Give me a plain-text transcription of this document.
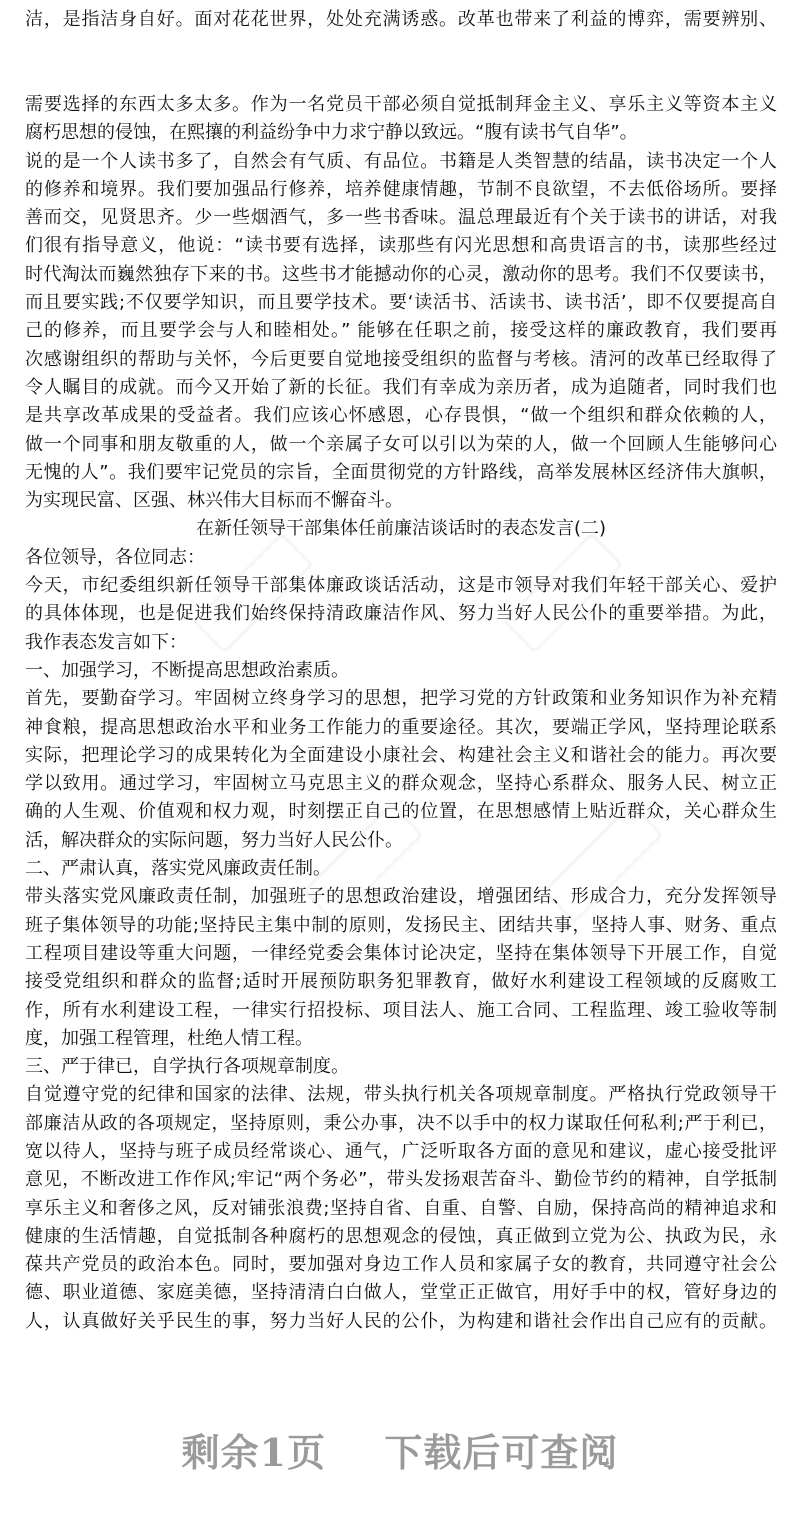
洁，是指洁身自好。面对花花世界，处处充满诱惑。改革也带来了利益的博弈，需要辨别、
需要选择的东西太多太多。作为一名党员干部必须自觉抵制拜金主义、享乐主义等资本主义
腐朽思想的侵蚀，在熙攘的利益纷争中力求宁静以致远。“腹有读书气自华”。
说的是一个人读书多了，自然会有气质、有品位。书籍是人类智慧的结晶，读书决定一个人
的修养和境界。我们要加强品行修养，培养健康情趣，节制不良欲望，不去低俗场所。要择
善而交，见贤思齐。少一些烟酒气，多一些书香味。温总理最近有个关于读书的讲话，对我
们很有指导意义，他说：“读书要有选择，读那些有闪光思想和高贵语言的书，读那些经过
时代淘汰而巍然独存下来的书。这些书才能撼动你的心灵，激动你的思考。我们不仅要读书，
而且要实践;不仅要学知识，而且要学技术。要‘读活书、活读书、读书活’，即不仅要提高自
己的修养，而且要学会与人和睦相处。” 能够在任职之前，接受这样的廉政教育，我们要再
次感谢组织的帮助与关怀，今后更要自觉地接受组织的监督与考核。清河的改革已经取得了
令人瞩目的成就。而今又开始了新的长征。我们有幸成为亲历者，成为追随者，同时我们也
是共享改革成果的受益者。我们应该心怀感恩，心存畏惧，“做一个组织和群众依赖的人，
做一个同事和朋友敬重的人，做一个亲属子女可以引以为荣的人，做一个回顾人生能够问心
无愧的人”。我们要牢记党员的宗旨，全面贯彻党的方针路线，高举发展林区经济伟大旗帜，
为实现民富、区强、林兴伟大目标而不懈奋斗。
在新任领导干部集体任前廉洁谈话时的表态发言(二)
各位领导，各位同志：
今天，市纪委组织新任领导干部集体廉政谈话活动，这是市领导对我们年轻干部关心、爱护
的具体体现，也是促进我们始终保持清政廉洁作风、努力当好人民公仆的重要举措。为此，
我作表态发言如下：
一、加强学习，不断提高思想政治素质。
首先，要勤奋学习。牢固树立终身学习的思想，把学习党的方针政策和业务知识作为补充精
神食粮，提高思想政治水平和业务工作能力的重要途径。其次，要端正学风，坚持理论联系
实际，把理论学习的成果转化为全面建设小康社会、构建社会主义和谐社会的能力。再次要
学以致用。通过学习，牢固树立马克思主义的群众观念，坚持心系群众、服务人民、树立正
确的人生观、价值观和权力观，时刻摆正自己的位置，在思想感情上贴近群众，关心群众生
活，解决群众的实际问题，努力当好人民公仆。
二、严肃认真，落实党风廉政责任制。
带头落实党风廉政责任制，加强班子的思想政治建设，增强团结、形成合力，充分发挥领导
班子集体领导的功能;坚持民主集中制的原则，发扬民主、团结共事，坚持人事、财务、重点
工程项目建设等重大问题，一律经党委会集体讨论决定，坚持在集体领导下开展工作，自觉
接受党组织和群众的监督;适时开展预防职务犯罪教育，做好水利建设工程领域的反腐败工
作，所有水利建设工程，一律实行招投标、项目法人、施工合同、工程监理、竣工验收等制
度，加强工程管理，杜绝人情工程。
三、严于律已，自学执行各项规章制度。
自觉遵守党的纪律和国家的法律、法规，带头执行机关各项规章制度。严格执行党政领导干
部廉洁从政的各项规定，坚持原则，秉公办事，决不以手中的权力谋取任何私利;严于利已，
宽以待人，坚持与班子成员经常谈心、通气，广泛听取各方面的意见和建议，虚心接受批评
意见，不断改进工作作风;牢记“两个务必”，带头发扬艰苦奋斗、勤俭节约的精神，自学抵制
享乐主义和奢侈之风，反对铺张浪费;坚持自省、自重、自警、自励，保持高尚的精神追求和
健康的生活情趣，自觉抵制各种腐朽的思想观念的侵蚀，真正做到立党为公、执政为民，永
葆共产党员的政治本色。同时，要加强对身边工作人员和家属子女的教育，共同遵守社会公
德、职业道德、家庭美德，坚持清清白白做人，堂堂正正做官，用好手中的权，管好身边的
人，认真做好关乎民生的事，努力当好人民的公仆，为构建和谐社会作出自己应有的贡献。
剩余1页 下载后可查阅
